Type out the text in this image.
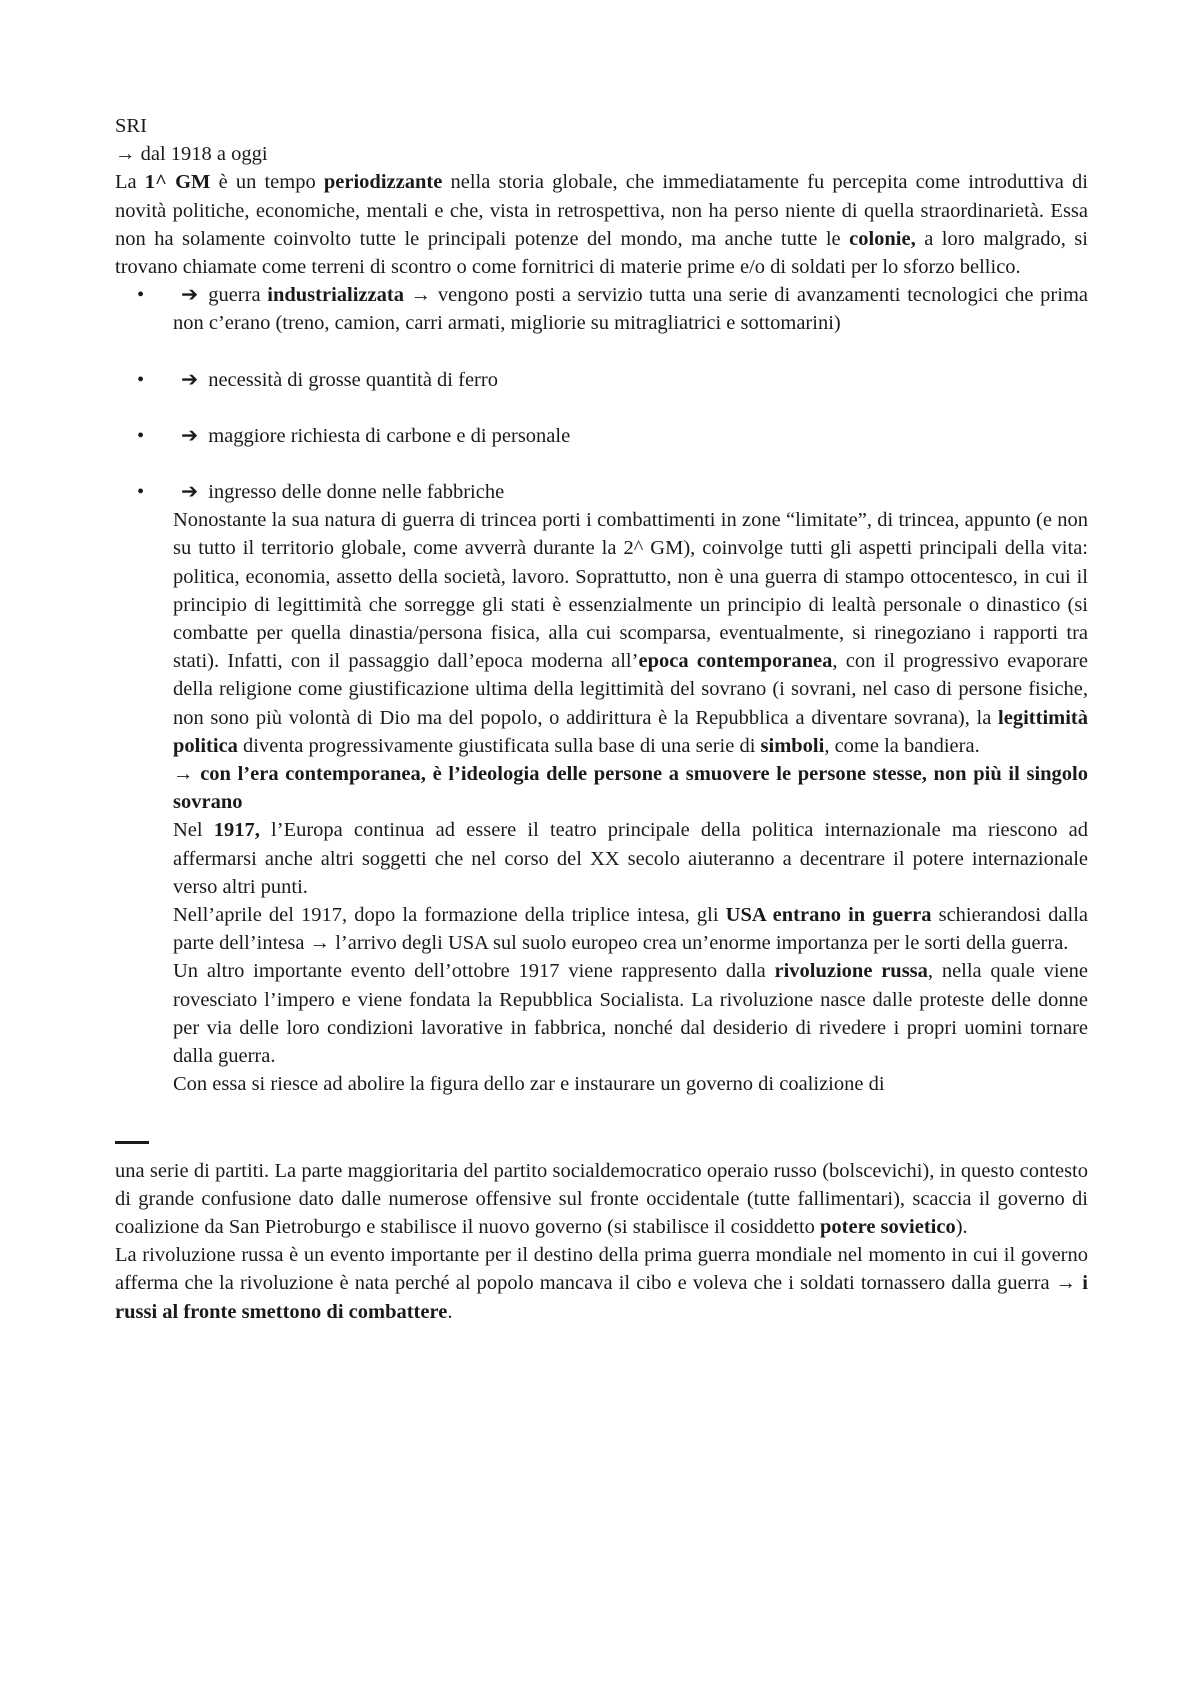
SRI

→ dal 1918 a oggi

La 1^ GM è un tempo periodizzante nella storia globale, che immediatamente fu percepita come introduttiva di novità politiche, economiche, mentali e che, vista in retrospettiva, non ha perso niente di quella straordinarietà. Essa non ha solamente coinvolto tutte le principali potenze del mondo, ma anche tutte le colonie, a loro malgrado, si trovano chiamate come terreni di scontro o come fornitrici di materie prime e/o di soldati per lo sforzo bellico.

• ➔ guerra industrializzata → vengono posti a servizio tutta una serie di avanzamenti tecnologici che prima non c’erano (treno, camion, carri armati, migliorie su mitragliatrici e sottomarini)
• ➔ necessità di grosse quantità di ferro
• ➔ maggiore richiesta di carbone e di personale
• ➔ ingresso delle donne nelle fabbriche

Nonostante la sua natura di guerra di trincea porti i combattimenti in zone “limitate”, di trincea, appunto (e non su tutto il territorio globale, come avverrà durante la 2^ GM), coinvolge tutti gli aspetti principali della vita: politica, economia, assetto della società, lavoro. Soprattutto, non è una guerra di stampo ottocentesco, in cui il principio di legittimità che sorregge gli stati è essenzialmente un principio di lealtà personale o dinastico (si combatte per quella dinastia/persona fisica, alla cui scomparsa, eventualmente, si rinegoziano i rapporti tra stati). Infatti, con il passaggio dall’epoca moderna all’epoca contemporanea, con il progressivo evaporare della religione come giustificazione ultima della legittimità del sovrano (i sovrani, nel caso di persone fisiche, non sono più volontà di Dio ma del popolo, o addirittura è la Repubblica a diventare sovrana), la legittimità politica diventa progressivamente giustificata sulla base di una serie di simboli, come la bandiera.

→ con l’era contemporanea, è l’ideologia delle persone a smuovere le persone stesse, non più il singolo sovrano

Nel 1917, l’Europa continua ad essere il teatro principale della politica internazionale ma riescono ad affermarsi anche altri soggetti che nel corso del XX secolo aiuteranno a decentrare il potere internazionale verso altri punti.

Nell’aprile del 1917, dopo la formazione della triplice intesa, gli USA entrano in guerra schierandosi dalla parte dell’intesa → l’arrivo degli USA sul suolo europeo crea un’enorme importanza per le sorti della guerra.

Un altro importante evento dell’ottobre 1917 viene rappresento dalla rivoluzione russa, nella quale viene rovesciato l’impero e viene fondata la Repubblica Socialista. La rivoluzione nasce dalle proteste delle donne per via delle loro condizioni lavorative in fabbrica, nonché dal desiderio di rivedere i propri uomini tornare dalla guerra.

Con essa si riesce ad abolire la figura dello zar e instaurare un governo di coalizione di

una serie di partiti. La parte maggioritaria del partito socialdemocratico operaio russo (bolscevichi), in questo contesto di grande confusione dato dalle numerose offensive sul fronte occidentale (tutte fallimentari), scaccia il governo di coalizione da San Pietroburgo e stabilisce il nuovo governo (si stabilisce il cosiddetto potere sovietico).

La rivoluzione russa è un evento importante per il destino della prima guerra mondiale nel momento in cui il governo afferma che la rivoluzione è nata perché al popolo mancava il cibo e voleva che i soldati tornassero dalla guerra → i russi al fronte smettono di combattere.
